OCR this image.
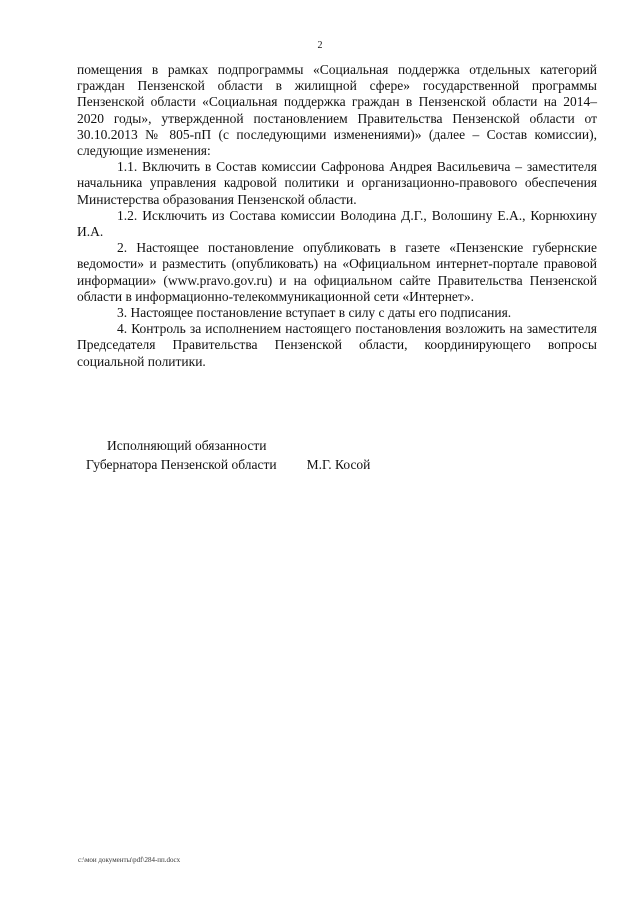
2

помещения в рамках подпрограммы «Социальная поддержка отдельных категорий граждан Пензенской области в жилищной сфере» государственной программы Пензенской области «Социальная поддержка граждан в Пензенской области на 2014–2020 годы», утвержденной постановлением Правительства Пензенской области от 30.10.2013 № 805-пП (с последующими изменениями)» (далее – Состав комиссии), следующие изменения:

1.1. Включить в Состав комиссии Сафронова Андрея Васильевича – заместителя начальника управления кадровой политики и организационно-правового обеспечения Министерства образования Пензенской области.

1.2. Исключить из Состава комиссии Володина Д.Г., Волошину Е.А., Корнюхину И.А.

2. Настоящее постановление опубликовать в газете «Пензенские губернские ведомости» и разместить (опубликовать) на «Официальном интернет-портале правовой информации» (www.pravo.gov.ru) и на официальном сайте Правительства Пензенской области в информационно-телекоммуникационной сети «Интернет».

3. Настоящее постановление вступает в силу с даты его подписания.

4. Контроль за исполнением настоящего постановления возложить на заместителя Председателя Правительства Пензенской области, координирующего вопросы социальной политики.

Исполняющий обязанности
Губернатора Пензенской области М.Г. Косой
c:\мои документы\pdf\284-пп.docx
